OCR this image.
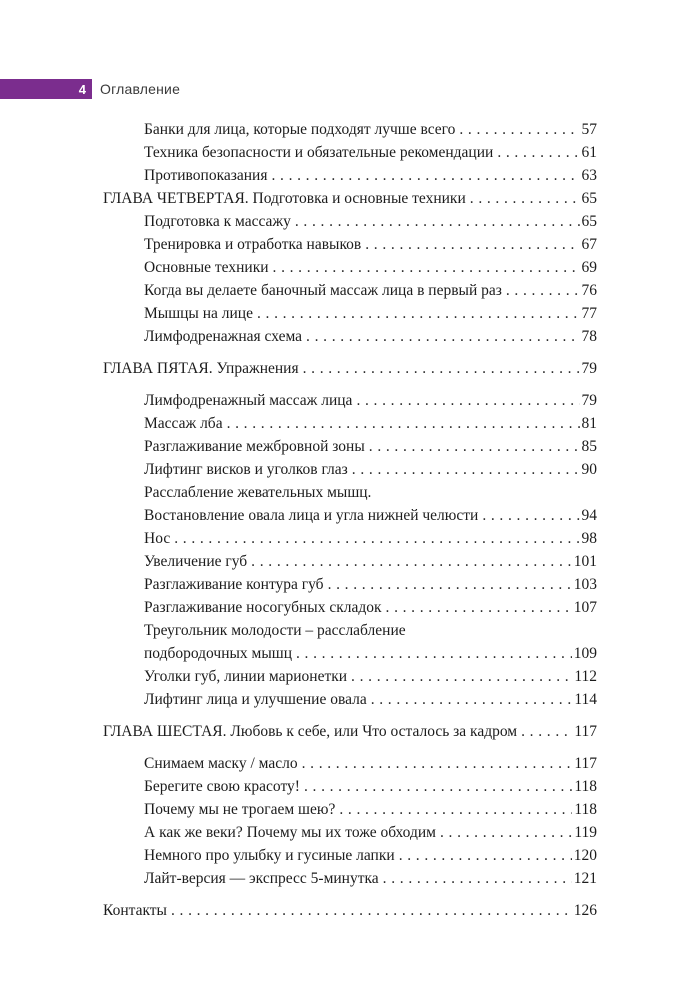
4 Оглавление
Банки для лица, которые подходят лучше всего . . .	57
Техника безопасности и обязательные рекомендации . . .	61
Противопоказания . . .	63
ГЛАВА ЧЕТВЕРТАЯ. Подготовка и основные техники . . .	65
Подготовка к массажу . . .	65
Тренировка и отработка навыков . . .	67
Основные техники . . .	69
Когда вы делаете баночный массаж лица в первый раз . . .	76
Мышцы на лице . . .	77
Лимфодренажная схема . . .	78
ГЛАВА ПЯТАЯ. Упражнения . . .	79
Лимфодренажный массаж лица . . .	79
Массаж лба . . .	81
Разглаживание межбровной зоны . . .	85
Лифтинг висков и уголков глаз . . .	90
Расслабление жевательных мышц.
Востановление овала лица и угла нижней челюсти . . .	94
Нос . . .	98
Увеличение губ . . .	101
Разглаживание контура губ . . .	103
Разглаживание носогубных складок . . .	107
Треугольник молодости – расслабление
подбородочных мышц . . .	109
Уголки губ, линии марионетки . . .	112
Лифтинг лица и улучшение овала . . .	114
ГЛАВА ШЕСТАЯ. Любовь к себе, или Что осталось за кадром . . .	117
Снимаем маску / масло . . .	117
Берегите свою красоту! . . .	118
Почему мы не трогаем шею? . . .	118
А как же веки? Почему мы их тоже обходим . . .	119
Немного про улыбку и гусиные лапки . . .	120
Лайт-версия — экспресс 5-минутка . . .	121
Контакты . . .	126
